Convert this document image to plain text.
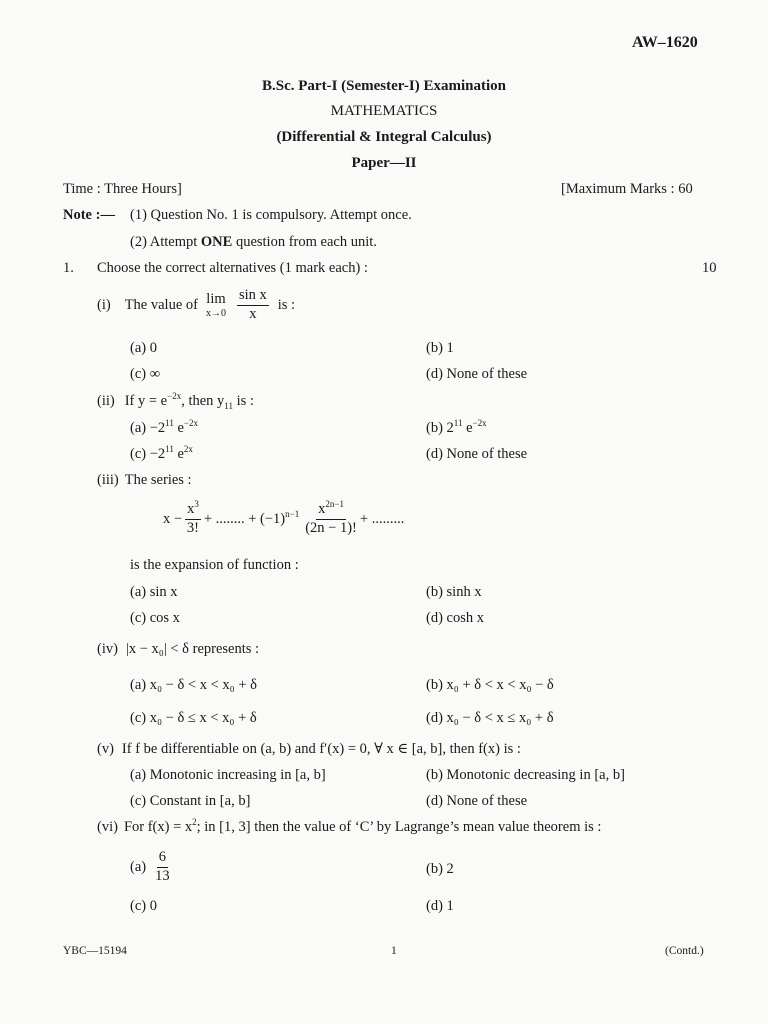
AW–1620
B.Sc. Part-I (Semester-I) Examination
MATHEMATICS
(Differential & Integral Calculus)
Paper—II
Time : Three Hours]	[Maximum Marks : 60
Note :— (1) Question No. 1 is compulsory. Attempt once.
(2) Attempt ONE question from each unit.
1. Choose the correct alternatives (1 mark each) :	10
(i) The value of lim
$x\to 0 \frac{\text{sin x}}{x}$ is :
(a) 0	(b) 1
(c) ∞	(d) None of these
(ii) If $y = e^{-2x}$, then $y_{11}$ is :
$(a) -2^{11}$ $e^{-2x}$	(b) $2^{11}$ $e^{-2x}$
$(c) -2^{11}$ $e^{2x}$	(d) None of these
(iii) The series :
$x - \frac{x^3}{3!}$ + ........ + $(-1)^{n-1} \frac{x^{2n-1}}{(2n - 1)!}$ + .........
is the expansion of function :
(a) sin x	(b) sinh x
(c) cos x	(d) cosh x
(iv) |x − x₀| < δ represents :
(a) x₀ − δ < x < x₀ + δ	(b) x₀ + δ < x < x₀ − δ
(c) x₀ − δ ≤ x < x₀ + δ	(d) x₀ − δ < x ≤ x₀ + δ
(v) If f be differentiable on (a, b) and f′(x) = 0, ∀ x ∈ [a, b], then f(x) is :
(a) Monotonic increasing in [a, b]	(b) Monotonic decreasing in [a, b]
(c) Constant in [a, b]	(d) None of these
(vi) For $f(x) = x^2$; in [1, 3] then the value of ‘C’ by Lagrange’s mean value theorem is :
$(a) \frac{6}{13}$	(b) 2
(c) 0	(d) 1
YBC—15194	1	(Contd.)
